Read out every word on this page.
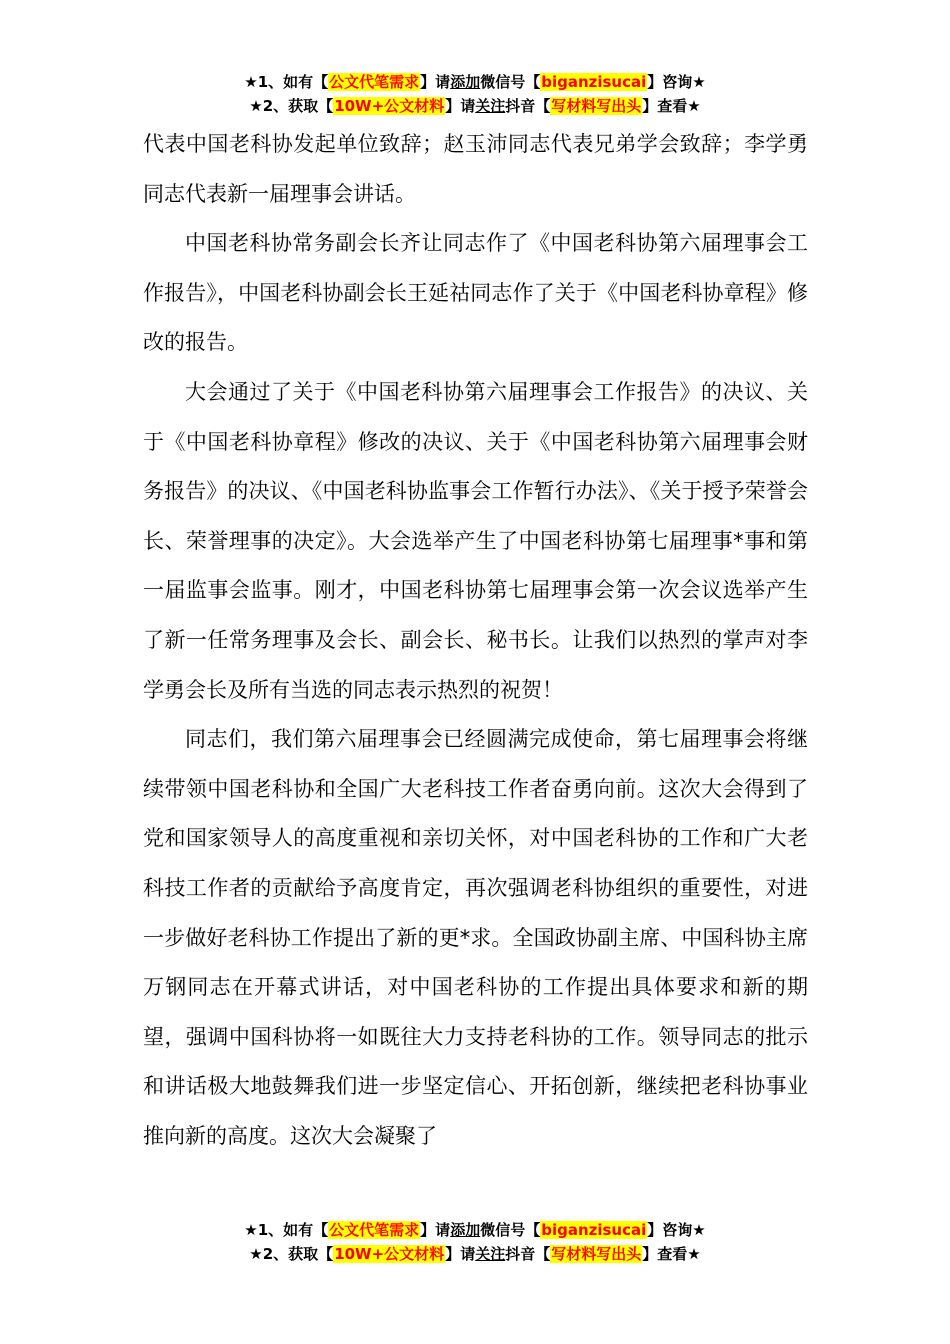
★1、如有【公文代笔需求】请添加微信号【biganzisucai】咨询★
★2、获取【10W+公文材料】请关注抖音【写材料写出头】查看★

代表中国老科协发起单位致辞；赵玉沛同志代表兄弟学会致辞；李学勇同志代表新一届理事会讲话。

中国老科协常务副会长齐让同志作了《中国老科协第六届理事会工作报告》，中国老科协副会长王延祜同志作了关于《中国老科协章程》修改的报告。

大会通过了关于《中国老科协第六届理事会工作报告》的决议、关于《中国老科协章程》修改的决议、关于《中国老科协第六届理事会财务报告》的决议、《中国老科协监事会工作暂行办法》、《关于授予荣誉会长、荣誉理事的决定》。大会选举产生了中国老科协第七届理事*事和第一届监事会监事。刚才，中国老科协第七届理事会第一次会议选举产生了新一任常务理事及会长、副会长、秘书长。让我们以热烈的掌声对李学勇会长及所有当选的同志表示热烈的祝贺！

同志们，我们第六届理事会已经圆满完成使命，第七届理事会将继续带领中国老科协和全国广大老科技工作者奋勇向前。这次大会得到了党和国家领导人的高度重视和亲切关怀，对中国老科协的工作和广大老科技工作者的贡献给予高度肯定，再次强调老科协组织的重要性，对进一步做好老科协工作提出了新的更*求。全国政协副主席、中国科协主席万钢同志在开幕式讲话，对中国老科协的工作提出具体要求和新的期望，强调中国科协将一如既往大力支持老科协的工作。领导同志的批示和讲话极大地鼓舞我们进一步坚定信心、开拓创新，继续把老科协事业推向新的高度。这次大会凝聚了

★1、如有【公文代笔需求】请添加微信号【biganzisucai】咨询★
★2、获取【10W+公文材料】请关注抖音【写材料写出头】查看★
